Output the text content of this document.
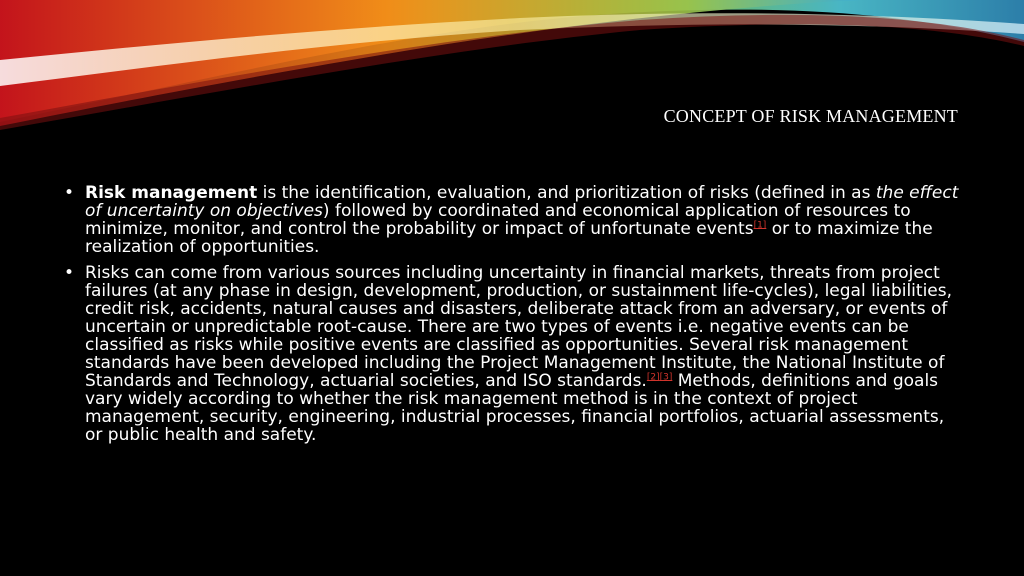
CONCEPT OF RISK MANAGEMENT
• Risk management is the identification, evaluation, and prioritization of risks (defined in as the effect of uncertainty on objectives) followed by coordinated and economical application of resources to minimize, monitor, and control the probability or impact of unfortunate events[1] or to maximize the realization of opportunities.
• Risks can come from various sources including uncertainty in financial markets, threats from project failures (at any phase in design, development, production, or sustainment life-cycles), legal liabilities, credit risk, accidents, natural causes and disasters, deliberate attack from an adversary, or events of uncertain or unpredictable root-cause. There are two types of events i.e. negative events can be classified as risks while positive events are classified as opportunities. Several risk management standards have been developed including the Project Management Institute, the National Institute of Standards and Technology, actuarial societies, and ISO standards.[2][3] Methods, definitions and goals vary widely according to whether the risk management method is in the context of project management, security, engineering, industrial processes, financial portfolios, actuarial assessments, or public health and safety.
